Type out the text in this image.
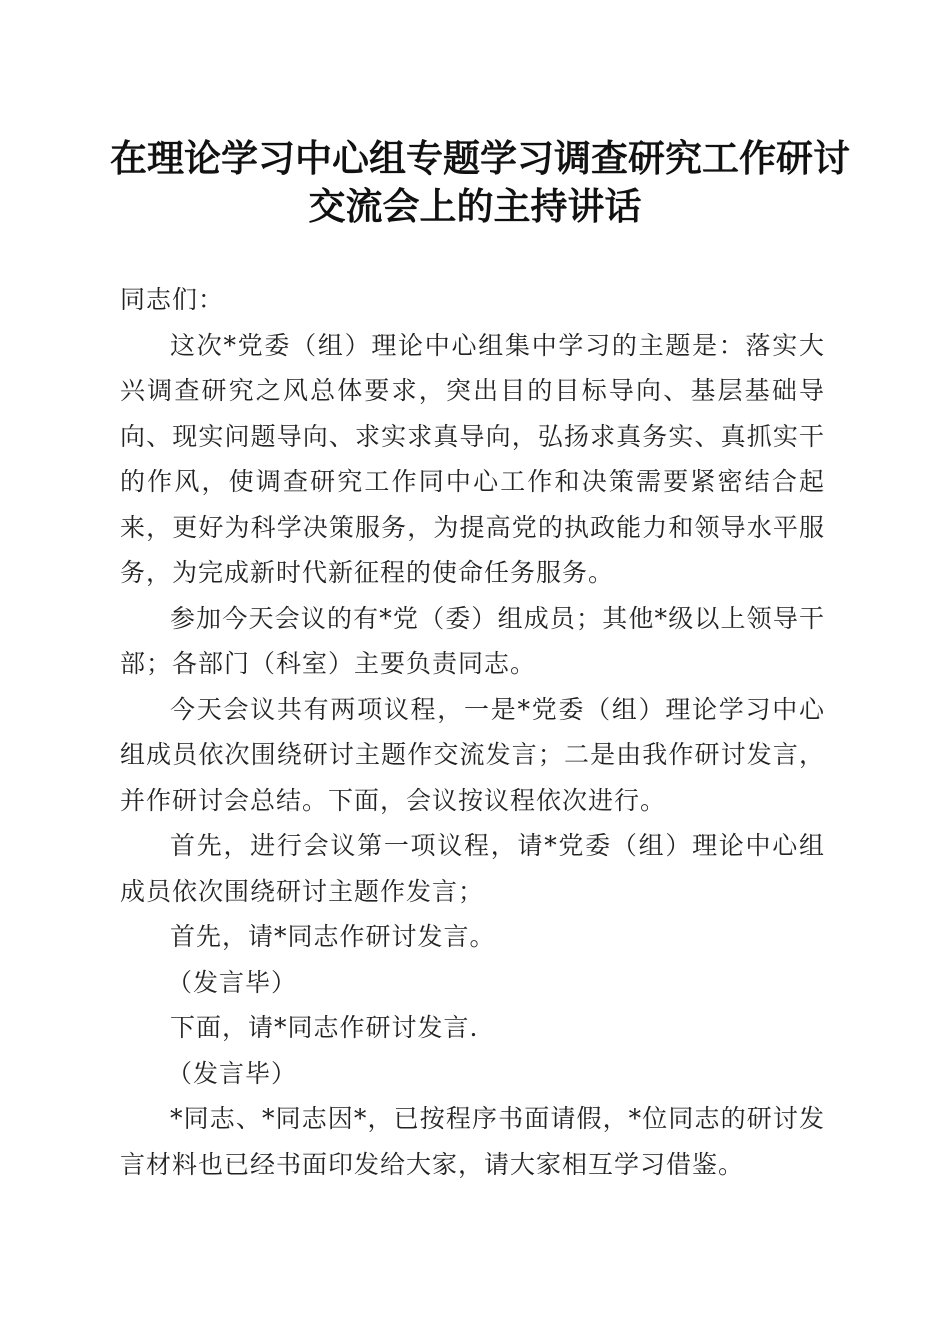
在理论学习中心组专题学习调查研究工作研讨
交流会上的主持讲话

同志们：

这次*党委（组）理论中心组集中学习的主题是：落实大兴调查研究之风总体要求，突出目的目标导向、基层基础导向、现实问题导向、求实求真导向，弘扬求真务实、真抓实干的作风，使调查研究工作同中心工作和决策需要紧密结合起来，更好为科学决策服务，为提高党的执政能力和领导水平服务，为完成新时代新征程的使命任务服务。

参加今天会议的有*党（委）组成员；其他*级以上领导干部；各部门（科室）主要负责同志。

今天会议共有两项议程，一是*党委（组）理论学习中心组成员依次围绕研讨主题作交流发言；二是由我作研讨发言，并作研讨会总结。下面，会议按议程依次进行。

首先，进行会议第一项议程，请*党委（组）理论中心组成员依次围绕研讨主题作发言；

首先，请*同志作研讨发言。

（发言毕）

下面，请*同志作研讨发言.

（发言毕）

*同志、*同志因*，已按程序书面请假，*位同志的研讨发言材料也已经书面印发给大家，请大家相互学习借鉴。
